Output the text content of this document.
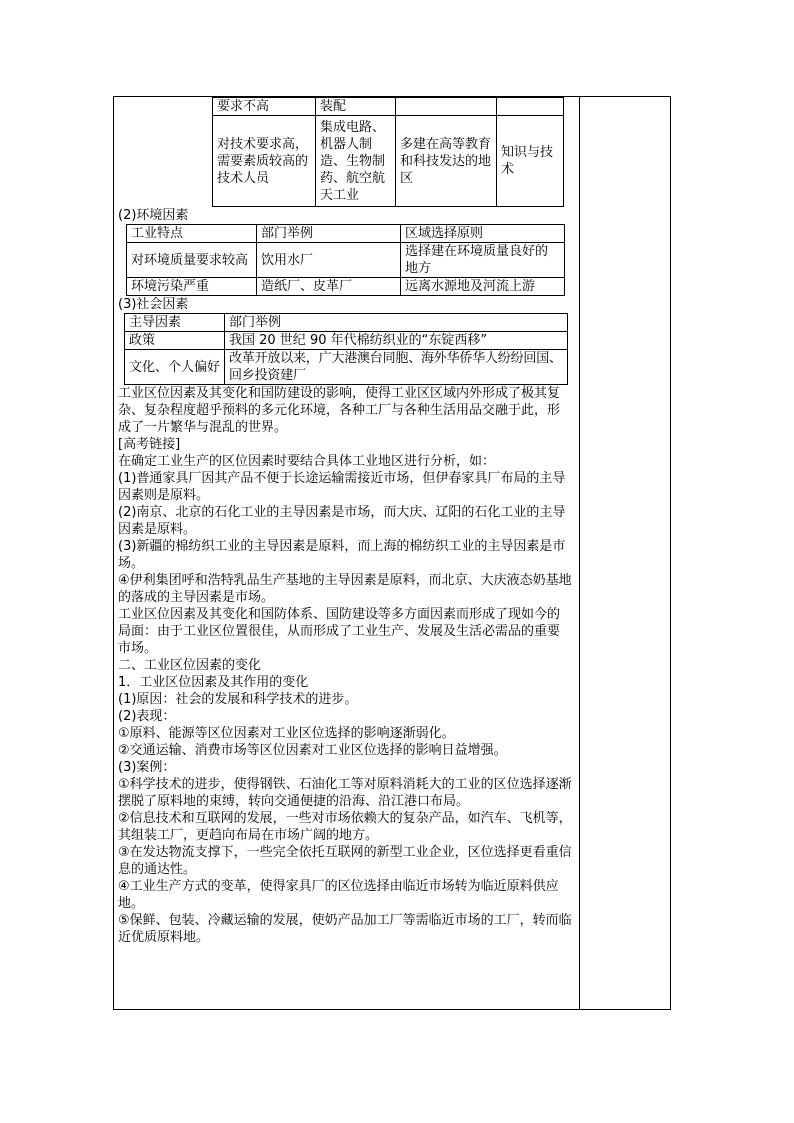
要求不高	装配		
对技术要求高，需要素质较高的技术人员	集成电路、机器人制造、生物制药、航空航天工业	多建在高等教育和科技发达的地区	知识与技术

(2)环境因素

工业特点	部门举例	区域选择原则
对环境质量要求较高	饮用水厂	选择建在环境质量良好的地方
环境污染严重	造纸厂、皮革厂	远离水源地及河流上游

(3)社会因素

主导因素	部门举例
政策	我国 20 世纪 90 年代棉纺织业的“东锭西移”
文化、个人偏好	改革开放以来，广大港澳台同胞、海外华侨华人纷纷回国、回乡投资建厂

工业区位因素及其变化和国防建设的影响，使得工业区区域内外形成了极其复杂、复杂程度超乎预料的多元化环境，各种工厂与各种生活用品交融于此，形成了一片繁华与混乱的世界。

[高考链接]

在确定工业生产的区位因素时要结合具体工业地区进行分析，如：

(1)普通家具厂因其产品不便于长途运输需接近市场，但伊春家具厂布局的主导因素则是原料。

(2)南京、北京的石化工业的主导因素是市场，而大庆、辽阳的石化工业的主导因素是原料。

(3)新疆的棉纺织工业的主导因素是原料，而上海的棉纺织工业的主导因素是市场。

④伊利集团呼和浩特乳品生产基地的主导因素是原料，而北京、大庆液态奶基地的落成的主导因素是市场。

工业区位因素及其变化和国防体系、国防建设等多方面因素而形成了现如今的局面：由于工业区位置很佳，从而形成了工业生产、发展及生活必需品的重要市场。

二、工业区位因素的变化

1．工业区位因素及其作用的变化

(1)原因：社会的发展和科学技术的进步。

(2)表现：

①原料、能源等区位因素对工业区位选择的影响逐渐弱化。

②交通运输、消费市场等区位因素对工业区位选择的影响日益增强。

(3)案例：

①科学技术的进步，使得钢铁、石油化工等对原料消耗大的工业的区位选择逐渐摆脱了原料地的束缚，转向交通便捷的沿海、沿江港口布局。

②信息技术和互联网的发展，一些对市场依赖大的复杂产品，如汽车、飞机等，其组装工厂，更趋向布局在市场广阔的地方。

③在发达物流支撑下，一些完全依托互联网的新型工业企业，区位选择更看重信息的通达性。

④工业生产方式的变革，使得家具厂的区位选择由临近市场转为临近原料供应地。

⑤保鲜、包装、冷藏运输的发展，使奶产品加工厂等需临近市场的工厂，转而临近优质原料地。
